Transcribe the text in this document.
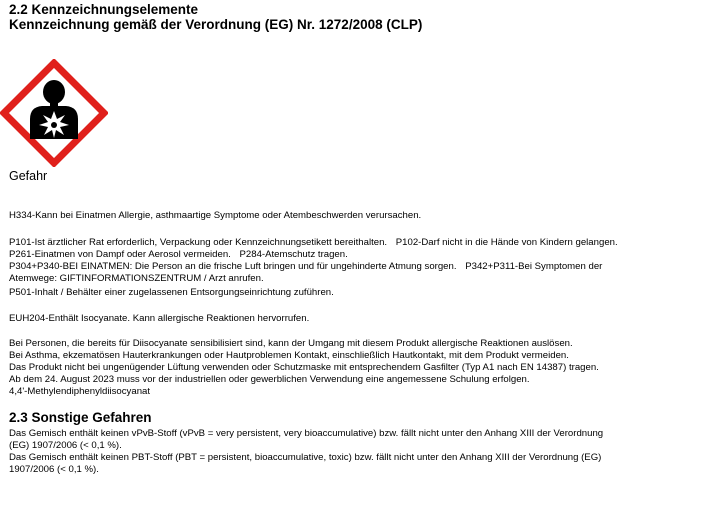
2.2 Kennzeichnungselemente
Kennzeichnung gemäß der Verordnung (EG) Nr. 1272/2008 (CLP)
Gefahr
H334-Kann bei Einatmen Allergie, asthmaartige Symptome oder Atembeschwerden verursachen.
P101-Ist ärztlicher Rat erforderlich, Verpackung oder Kennzeichnungsetikett bereithalten. P102-Darf nicht in die Hände von Kindern gelangen.
P261-Einatmen von Dampf oder Aerosol vermeiden. P284-Atemschutz tragen.
P304+P340-BEI EINATMEN: Die Person an die frische Luft bringen und für ungehinderte Atmung sorgen. P342+P311-Bei Symptomen der
Atemwege: GIFTINFORMATIONSZENTRUM / Arzt anrufen.
P501-Inhalt / Behälter einer zugelassenen Entsorgungseinrichtung zuführen.
EUH204-Enthält Isocyanate. Kann allergische Reaktionen hervorrufen.
Bei Personen, die bereits für Diisocyanate sensibilisiert sind, kann der Umgang mit diesem Produkt allergische Reaktionen auslösen.
Bei Asthma, ekzematösen Hauterkrankungen oder Hautproblemen Kontakt, einschließlich Hautkontakt, mit dem Produkt vermeiden.
Das Produkt nicht bei ungenügender Lüftung verwenden oder Schutzmaske mit entsprechendem Gasfilter (Typ A1 nach EN 14387) tragen.
Ab dem 24. August 2023 muss vor der industriellen oder gewerblichen Verwendung eine angemessene Schulung erfolgen.
4,4'-Methylendiphenyldiisocyanat
2.3 Sonstige Gefahren
Das Gemisch enthält keinen vPvB-Stoff (vPvB = very persistent, very bioaccumulative) bzw. fällt nicht unter den Anhang XIII der Verordnung
(EG) 1907/2006 (< 0,1 %).
Das Gemisch enthält keinen PBT-Stoff (PBT = persistent, bioaccumulative, toxic) bzw. fällt nicht unter den Anhang XIII der Verordnung (EG)
1907/2006 (< 0,1 %).
